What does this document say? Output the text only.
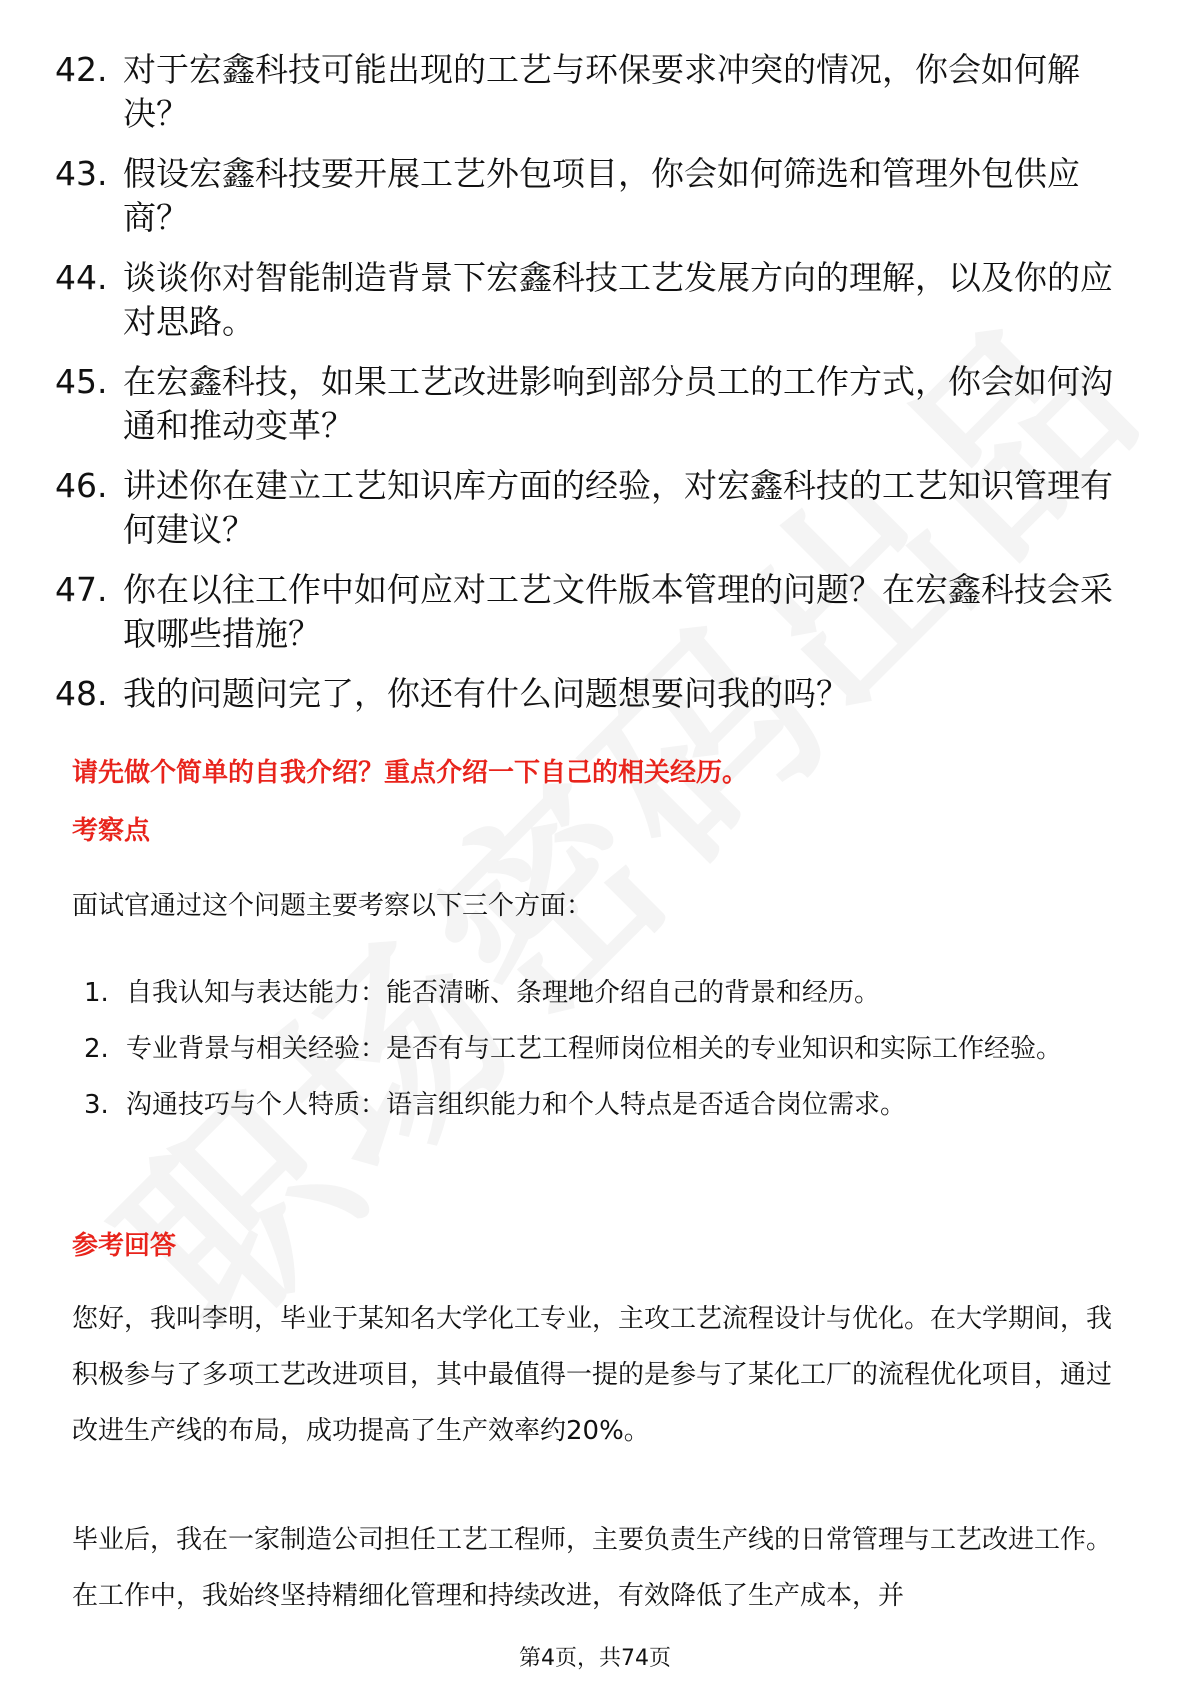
42. 对于宏鑫科技可能出现的工艺与环保要求冲突的情况，你会如何解决？
43. 假设宏鑫科技要开展工艺外包项目，你会如何筛选和管理外包供应商？
44. 谈谈你对智能制造背景下宏鑫科技工艺发展方向的理解，以及你的应对思路。
45. 在宏鑫科技，如果工艺改进影响到部分员工的工作方式，你会如何沟通和推动变革？
46. 讲述你在建立工艺知识库方面的经验，对宏鑫科技的工艺知识管理有何建议？
47. 你在以往工作中如何应对工艺文件版本管理的问题？在宏鑫科技会采取哪些措施？
48. 我的问题问完了，你还有什么问题想要问我的吗？
请先做个简单的自我介绍？重点介绍一下自己的相关经历。
考察点
面试官通过这个问题主要考察以下三个方面：
1. 自我认知与表达能力：能否清晰、条理地介绍自己的背景和经历。
2. 专业背景与相关经验：是否有与工艺工程师岗位相关的专业知识和实际工作经验。
3. 沟通技巧与个人特质：语言组织能力和个人特点是否适合岗位需求。
参考回答
您好，我叫李明，毕业于某知名大学化工专业，主攻工艺流程设计与优化。在大学期间，我积极参与了多项工艺改进项目，其中最值得一提的是参与了某化工厂的流程优化项目，通过改进生产线的布局，成功提高了生产效率约20%。
毕业后，我在一家制造公司担任工艺工程师，主要负责生产线的日常管理与工艺改进工作。在工作中，我始终坚持精细化管理和持续改进，有效降低了生产成本，并
第4页，共74页
